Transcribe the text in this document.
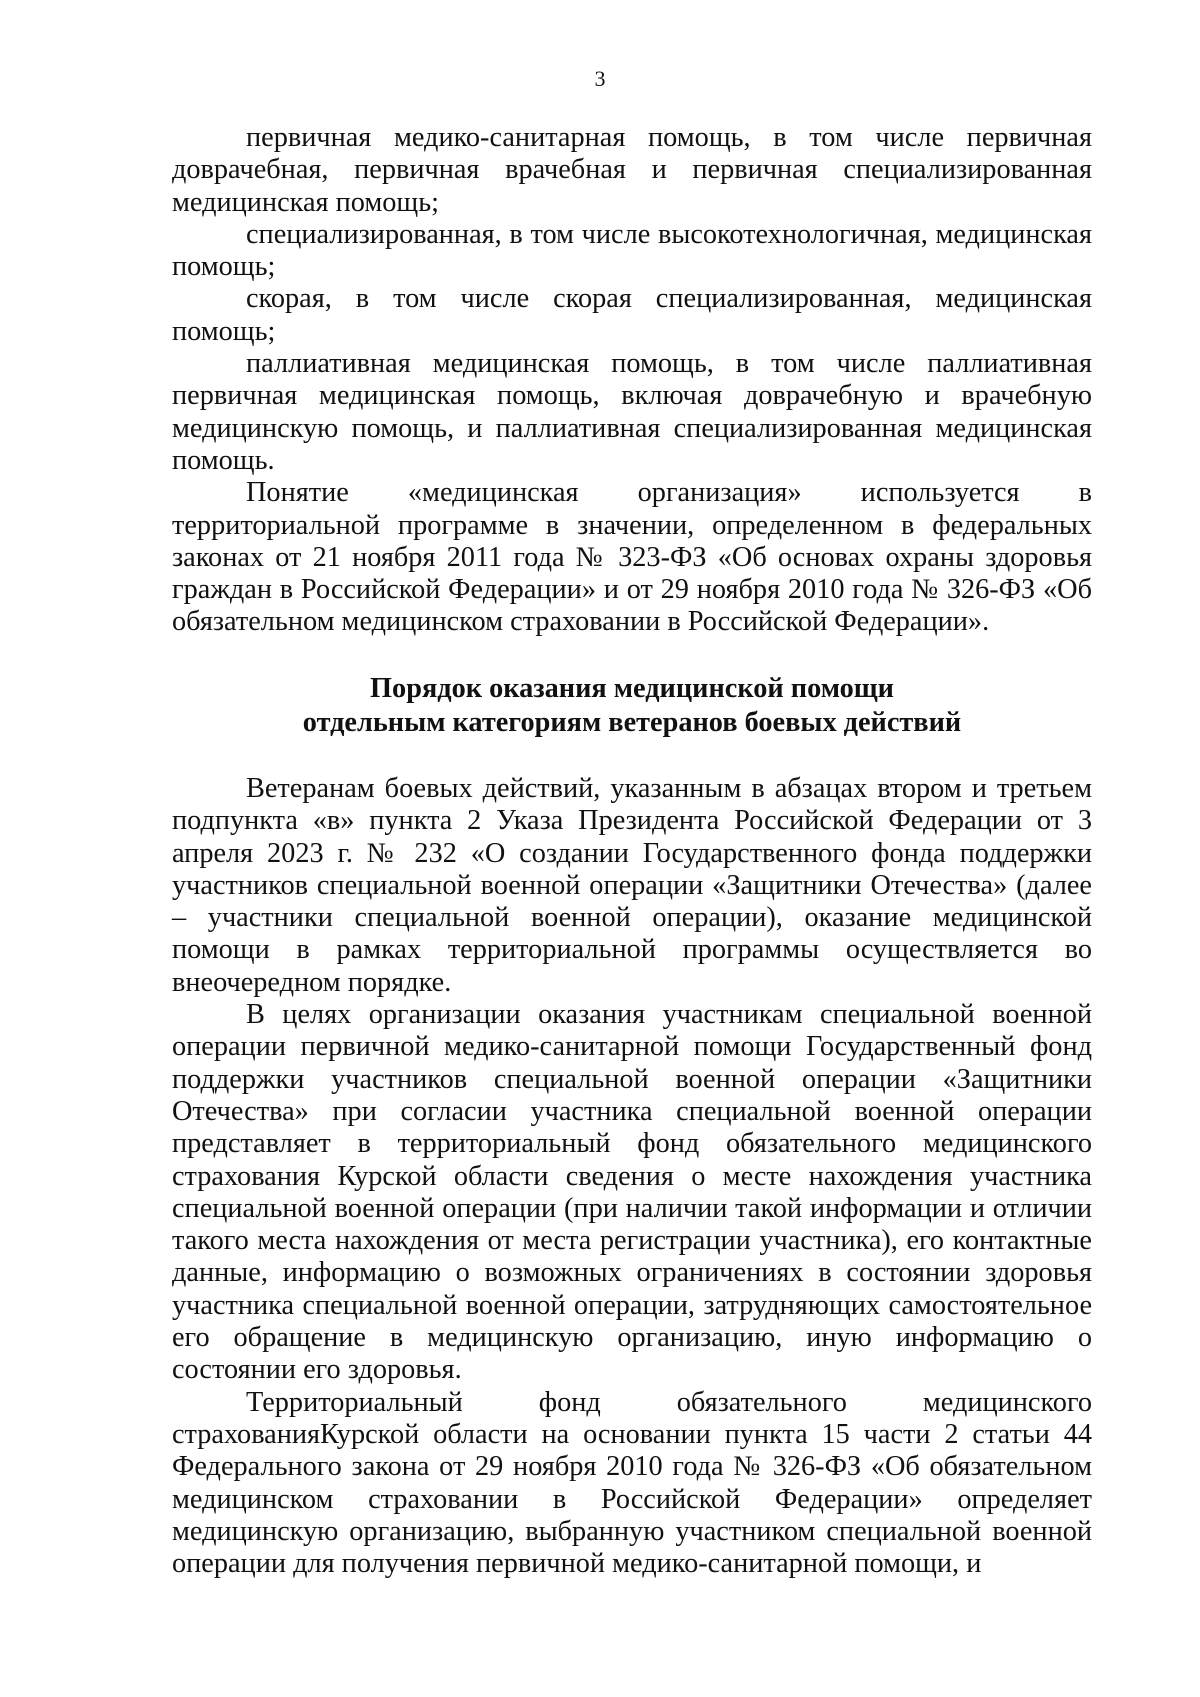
3

первичная медико-санитарная помощь, в том числе первичная доврачебная, первичная врачебная и первичная специализированная медицинская помощь;

специализированная, в том числе высокотехнологичная, медицинская помощь;

скорая, в том числе скорая специализированная, медицинская помощь;

паллиативная медицинская помощь, в том числе паллиативная первичная медицинская помощь, включая доврачебную и врачебную медицинскую помощь, и паллиативная специализированная медицинская помощь.

Понятие «медицинская организация» используется в территориальной программе в значении, определенном в федеральных законах от 21 ноября 2011 года № 323-ФЗ «Об основах охраны здоровья граждан в Российской Федерации» и от 29 ноября 2010 года № 326-ФЗ «Об обязательном медицинском страховании в Российской Федерации».

Порядок оказания медицинской помощи
отдельным категориям ветеранов боевых действий

Ветеранам боевых действий, указанным в абзацах втором и третьем подпункта «в» пункта 2 Указа Президента Российской Федерации от 3 апреля 2023 г. № 232 «О создании Государственного фонда поддержки участников специальной военной операции «Защитники Отечества» (далее – участники специальной военной операции), оказание медицинской помощи в рамках территориальной программы осуществляется во внеочередном порядке.

В целях организации оказания участникам специальной военной операции первичной медико-санитарной помощи Государственный фонд поддержки участников специальной военной операции «Защитники Отечества» при согласии участника специальной военной операции представляет в территориальный фонд обязательного медицинского страхования Курской области сведения о месте нахождения участника специальной военной операции (при наличии такой информации и отличии такого места нахождения от места регистрации участника), его контактные данные, информацию о возможных ограничениях в состоянии здоровья участника специальной военной операции, затрудняющих самостоятельное его обращение в медицинскую организацию, иную информацию о состоянии его здоровья.

Территориальный фонд обязательного медицинского страхованияКурской области на основании пункта 15 части 2 статьи 44 Федерального закона от 29 ноября 2010 года № 326-ФЗ «Об обязательном медицинском страховании в Российской Федерации» определяет медицинскую организацию, выбранную участником специальной военной операции для получения первичной медико-санитарной помощи, и
